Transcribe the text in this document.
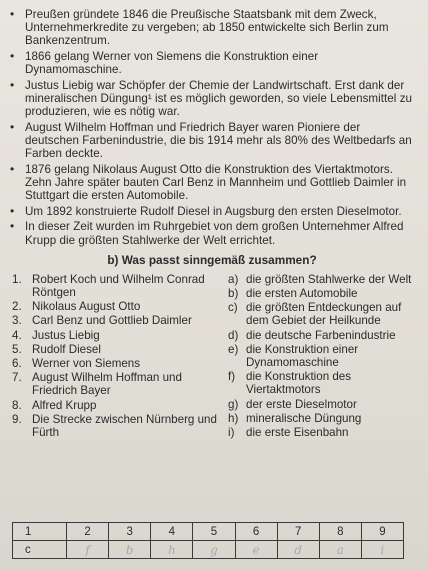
• Preußen gründete 1846 die Preußische Staatsbank mit dem Zweck, Unternehmerkredite zu vergeben; ab 1850 entwickelte sich Berlin zum Bankenzentrum.
• 1866 gelang Werner von Siemens die Konstruktion einer Dynamomaschine.
• Justus Liebig war Schöpfer der Chemie der Landwirtschaft. Erst dank der mineralischen Düngung¹ ist es möglich geworden, so viele Lebensmittel zu produzieren, wie es nötig war.
• August Wilhelm Hoffman und Friedrich Bayer waren Pioniere der deutschen Farbenindustrie, die bis 1914 mehr als 80% des Weltbedarfs an Farben deckte.
• 1876 gelang Nikolaus August Otto die Konstruktion des Viertaktmotors. Zehn Jahre später bauten Carl Benz in Mannheim und Gottlieb Daimler in Stuttgart die ersten Automobile.
• Um 1892 konstruierte Rudolf Diesel in Augsburg den ersten Dieselmotor.
• In dieser Zeit wurden im Ruhrgebiet von dem großen Unternehmer Alfred Krupp die größten Stahlwerke der Welt errichtet.
b) Was passt sinngemäß zusammen?
1. Robert Koch und Wilhelm Conrad Röntgen
2. Nikolaus August Otto
3. Carl Benz und Gottlieb Daimler
4. Justus Liebig
5. Rudolf Diesel
6. Werner von Siemens
7. August Wilhelm Hoffman und Friedrich Bayer
8. Alfred Krupp
9. Die Strecke zwischen Nürnberg und Fürth
a) die größten Stahlwerke der Welt
b) die ersten Automobile
c) die größten Entdeckungen auf dem Gebiet der Heilkunde
d) die deutsche Farbenindustrie
e) die Konstruktion einer Dynamomaschine
f) die Konstruktion des Viertaktmotors
g) der erste Dieselmotor
h) mineralische Düngung
i) die erste Eisenbahn
1	2	3	4	5	6	7	8	9
c	f	b	h	g	e	d	a	i
